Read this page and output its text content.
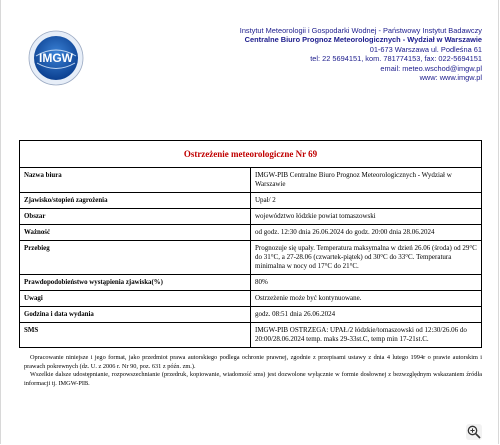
IMGW
Instytut Meteorologii i Gospodarki Wodnej - Państwowy Instytut Badawczy
Centralne Biuro Prognoz Meteorologicznych - Wydział w Warszawie
01-673 Warszawa ul. Podleśna 61
tel: 22 5694151, kom. 781774153, fax: 022-5694151
email: meteo.wschod@imgw.pl
www: www.imgw.pl
Ostrzeżenie meteorologiczne Nr 69	
Nazwa biura	IMGW-PIB Centralne Biuro Prognoz Meteorologicznych - Wydział w Warszawie
Zjawisko/stopień zagrożenia	Upał/ 2
Obszar	województwo łódzkie powiat tomaszowski
Ważność	od godz. 12:30 dnia 26.06.2024 do godz. 20:00 dnia 28.06.2024
Przebieg	Prognozuje się upały. Temperatura maksymalna w dzień 26.06 (środa) od 29°C do 31°C, a 27-28.06 (czwartek-piątek) od 30°C do 33°C. Temperatura minimalna w nocy od 17°C do 21°C.
Prawdopodobieństwo wystąpienia zjawiska(%)	80%
Uwagi	Ostrzeżenie może być kontynuowane.
Godzina i data wydania	godz. 08:51 dnia 26.06.2024
SMS	IMGW-PIB OSTRZEGA: UPAŁ/2 łódzkie/tomaszowski od 12:30/26.06 do 20:00/28.06.2024 temp. maks 29-33st.C, temp min 17-21st.C.

Opracowanie niniejsze i jego format, jako przedmiot prawa autorskiego podlega ochronie prawnej, zgodnie z przepisami ustawy z dnia 4 lutego 1994r o prawie autorskim i prawach pokrewnych (dz. U. z 2006 r. Nr 90, poz. 631 z późn. zm.).

Wszelkie dalsze udostępnianie, rozpowszechnianie (przedruk, kopiowanie, wiadomość sms) jest dozwolone wyłącznie w formie dosłownej z bezwzględnym wskazaniem źródła informacji tj. IMGW-PIB.
